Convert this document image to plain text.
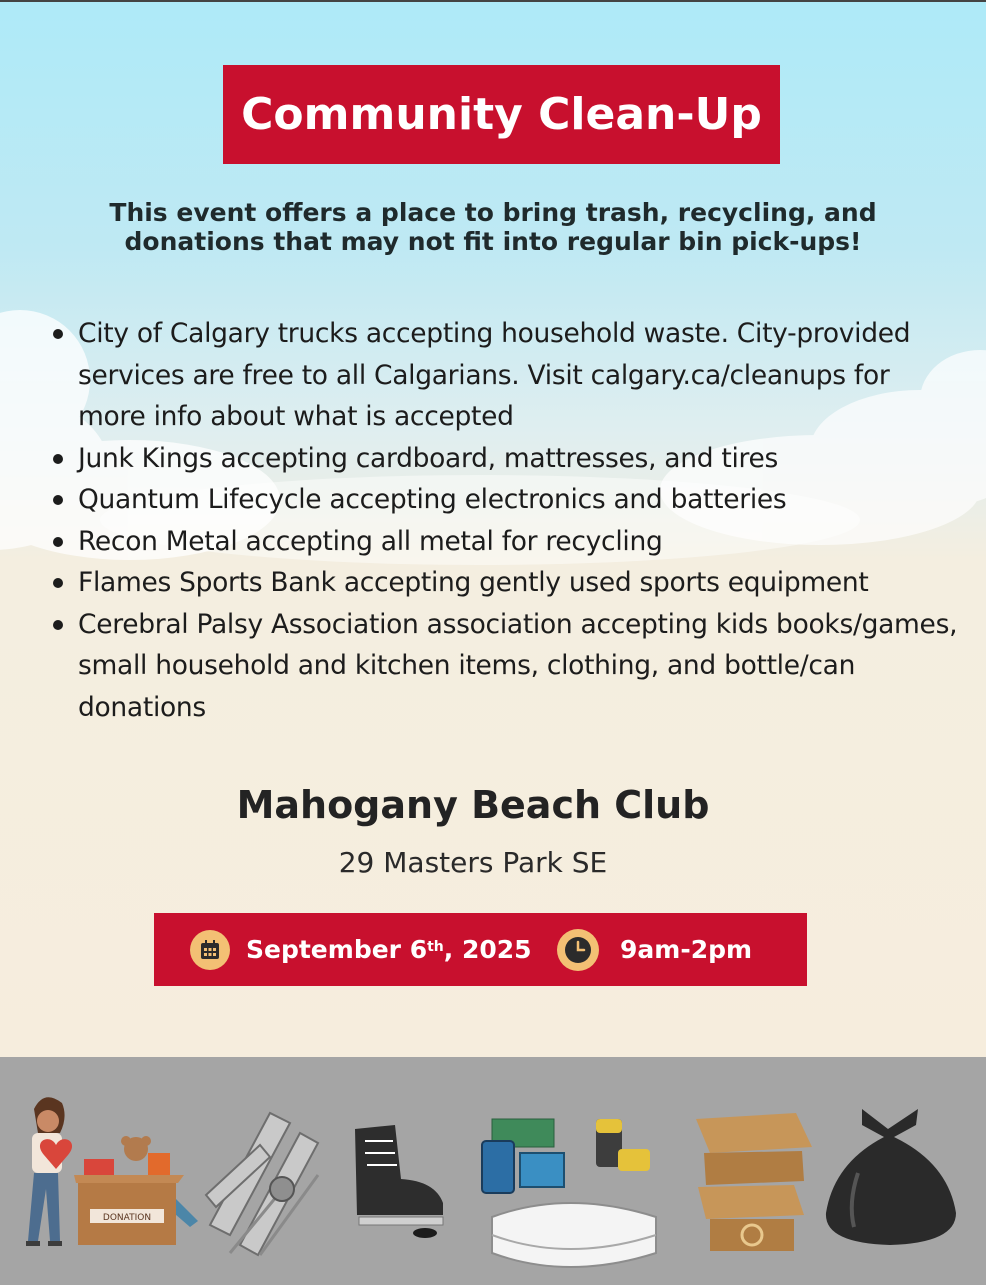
Community Clean-Up

This event offers a place to bring trash, recycling, and donations that may not fit into regular bin pick-ups!

City of Calgary trucks accepting household waste. City-provided services are free to all Calgarians. Visit calgary.ca/cleanups for more info about what is accepted
Junk Kings accepting cardboard, mattresses, and tires
Quantum Lifecycle accepting electronics and batteries
Recon Metal accepting all metal for recycling
Flames Sports Bank accepting gently used sports equipment
Cerebral Palsy Association association accepting kids books/games, small household and kitchen items, clothing, and bottle/can donations
Mahogany Beach Club
29 Masters Park SE
September 6th, 2025	9am-2pm
DONATION
